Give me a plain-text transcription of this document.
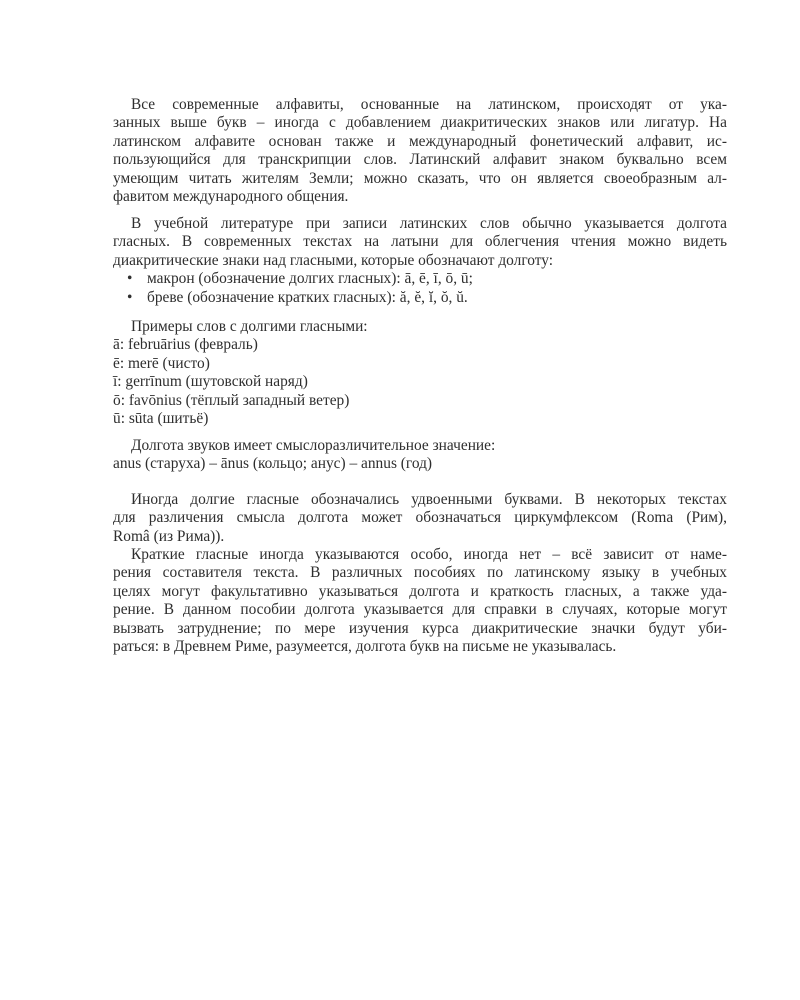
Все современные алфавиты, основанные на латинском, происходят от ука-
занных выше букв – иногда с добавлением диакритических знаков или лигатур. На
латинском алфавите основан также и международный фонетический алфавит, ис-
пользующийся для транскрипции слов. Латинский алфавит знаком буквально всем
умеющим читать жителям Земли; можно сказать, что он является своеобразным ал-
фавитом международного общения.
В учебной литературе при записи латинских слов обычно указывается долгота
гласных. В современных текстах на латыни для облегчения чтения можно видеть
диакритические знаки над гласными, которые обозначают долготу:
• макрон (обозначение долгих гласных): ā, ē, ī, ō, ū;
• бреве (обозначение кратких гласных): ă, ĕ, ĭ, ŏ, ŭ.
Примеры слов с долгими гласными:
ā: februārius (февраль)
ē: merē (чисто)
ī: gerrīnum (шутовской наряд)
ō: favōnius (тёплый западный ветер)
ū: sūta (шитьё)
Долгота звуков имеет смыслоразличительное значение:
anus (старуха) – ānus (кольцо; анус) – annus (год)
Иногда долгие гласные обозначались удвоенными буквами. В некоторых текстах
для различения смысла долгота может обозначаться циркумфлексом (Roma (Рим),
Româ (из Рима)).
Краткие гласные иногда указываются особо, иногда нет – всё зависит от наме-
рения составителя текста. В различных пособиях по латинскому языку в учебных
целях могут факультативно указываться долгота и краткость гласных, а также уда-
рение. В данном пособии долгота указывается для справки в случаях, которые могут
вызвать затруднение; по мере изучения курса диакритические значки будут уби-
раться: в Древнем Риме, разумеется, долгота букв на письме не указывалась.
